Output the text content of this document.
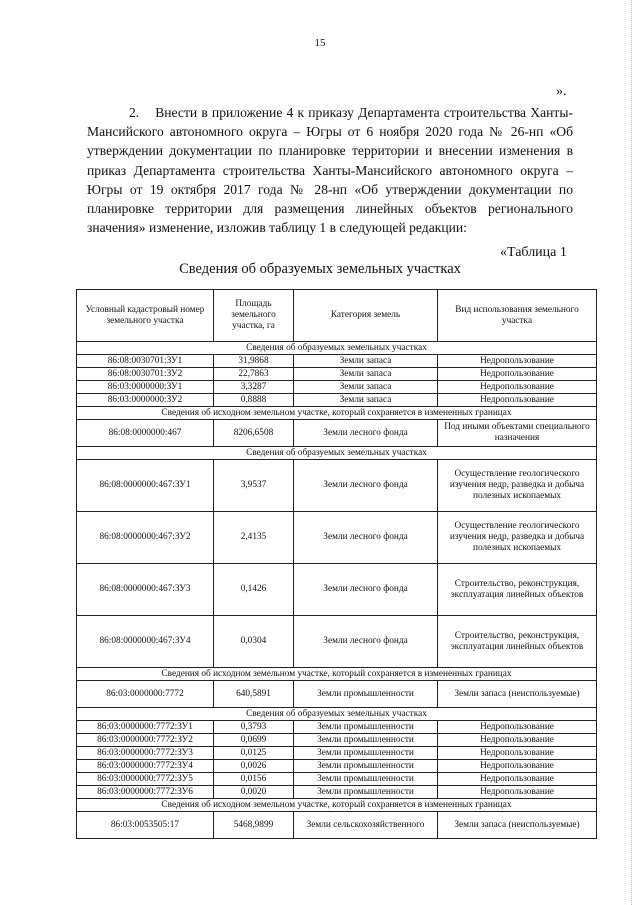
15
».
2. Внести в приложение 4 к приказу Департамента строительства Ханты-Мансийского автономного округа – Югры от 6 ноября 2020 года № 26-нп «Об утверждении документации по планировке территории и внесении изменения в приказ Департамента строительства Ханты-Мансийского автономного округа – Югры от 19 октября 2017 года № 28-нп «Об утверждении документации по планировке территории для размещения линейных объектов регионального значения» изменение, изложив таблицу 1 в следующей редакции:
«Таблица 1
Сведения об образуемых земельных участках
Условный кадастровый номер земельного участка	Площадь земельного участка, га	Категория земель	Вид использования земельного участка
Сведения об образуемых земельных участках			
86:08:0030701:ЗУ1	31,9868	Земли запаса	Недропользование
86:08:0030701:ЗУ2	22,7863	Земли запаса	Недропользование
86:03:0000000:ЗУ1	3,3287	Земли запаса	Недропользование
86:03:0000000:ЗУ2	0,8888	Земли запаса	Недропользование
Сведения об исходном земельном участке, который сохраняется в измененных границах			
86:08:0000000:467	8206,6508	Земли лесного фонда	Под иными объектами специального назначения
Сведения об образуемых земельных участках			
86:08:0000000:467:ЗУ1	3,9537	Земли лесного фонда	Осуществление геологического изучения недр, разведка и добыча полезных ископаемых
86:08:0000000:467:ЗУ2	2,4135	Земли лесного фонда	Осуществление геологического изучения недр, разведка и добыча полезных ископаемых
86:08:0000000:467:ЗУ3	0,1426	Земли лесного фонда	Строительство, реконструкция, эксплуатация линейных объектов
86:08:0000000:467:ЗУ4	0,0304	Земли лесного фонда	Строительство, реконструкция, эксплуатация линейных объектов
Сведения об исходном земельном участке, который сохраняется в измененных границах			
86:03:0000000:7772	640,5891	Земли промышленности	Земли запаса (неиспользуемые)
Сведения об образуемых земельных участках			
86:03:0000000:7772:ЗУ1	0,3793	Земли промышленности	Недропользование
86:03:0000000:7772:ЗУ2	0,0699	Земли промышленности	Недропользование
86:03:0000000:7772:ЗУ3	0,0125	Земли промышленности	Недропользование
86:03:0000000:7772:ЗУ4	0,0026	Земли промышленности	Недропользование
86:03:0000000:7772:ЗУ5	0,0156	Земли промышленности	Недропользование
86:03:0000000:7772:ЗУ6	0,0020	Земли промышленности	Недропользование
Сведения об исходном земельном участке, который сохраняется в измененных границах			
86:03:0053505:17	5468,9899	Земли сельскохозяйственного	Земли запаса (неиспользуемые)
